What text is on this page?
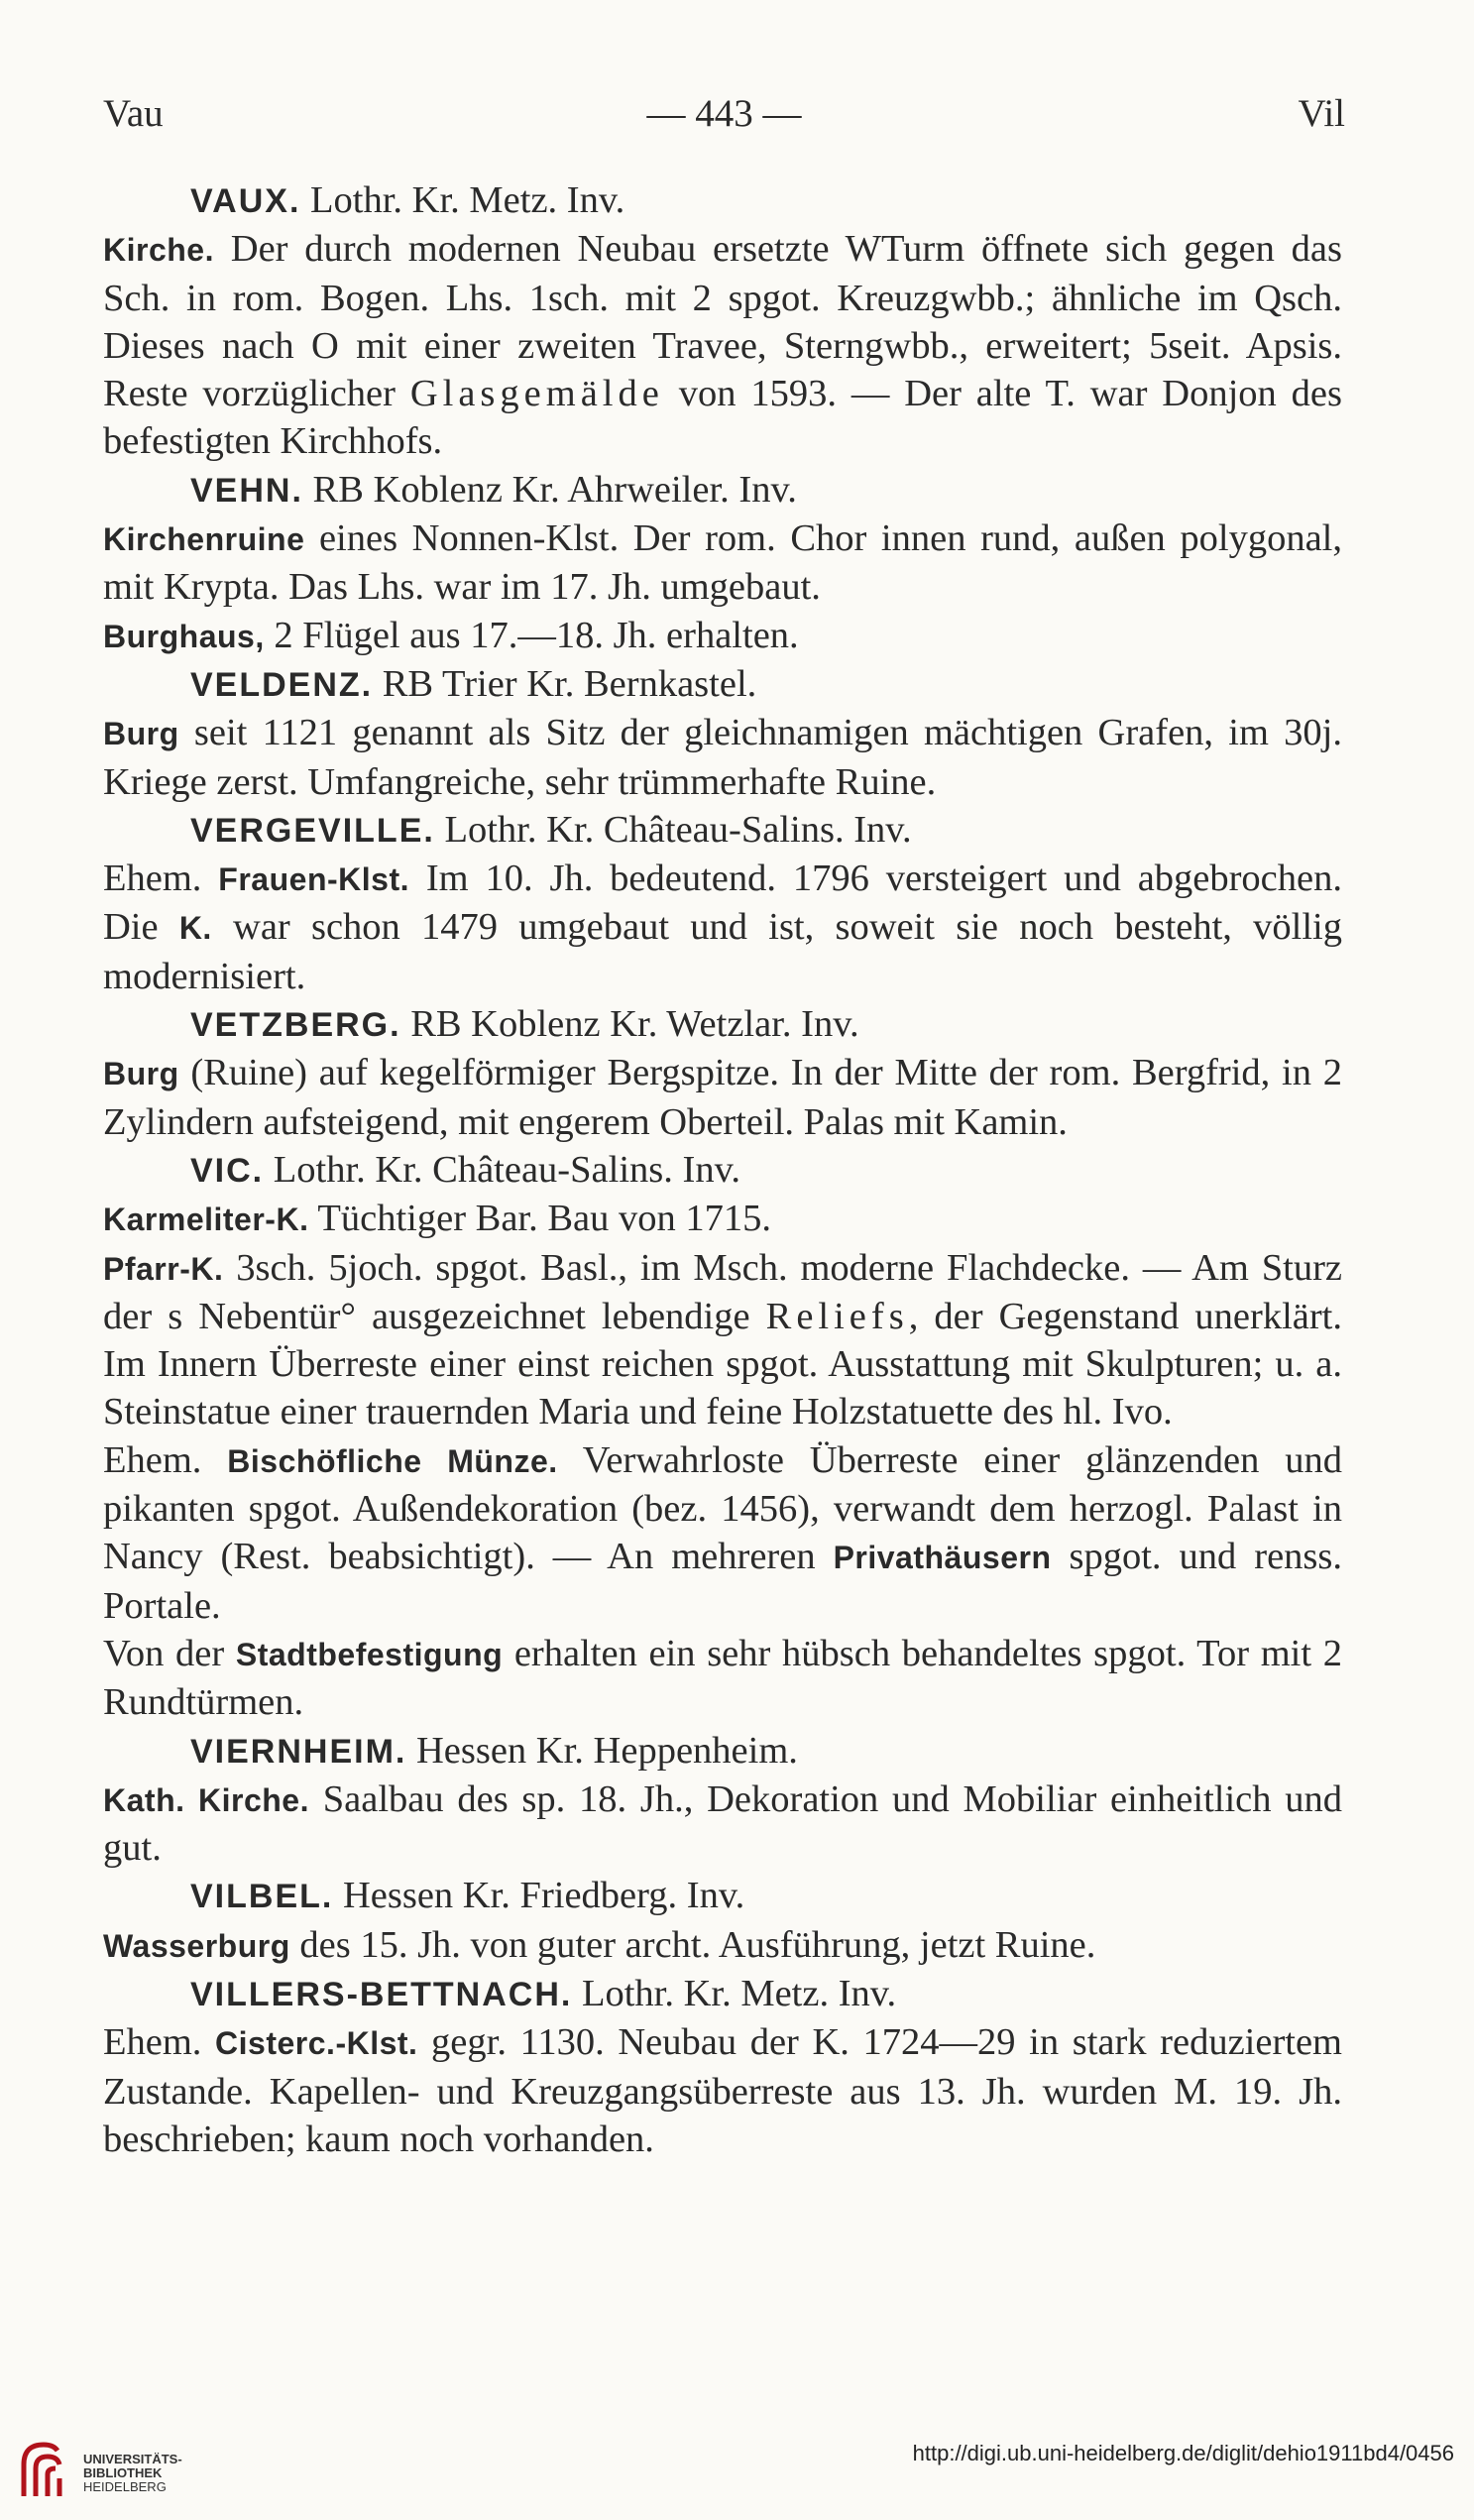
Vau	— 443 —	Vil

VAUX. Lothr. Kr. Metz. Inv.

Kirche. Der durch modernen Neubau ersetzte WTurm öffnete sich gegen das Sch. in rom. Bogen. Lhs. 1sch. mit 2 spgot. Kreuzgwbb.; ähnliche im Qsch. Dieses nach O mit einer zweiten Travee, Sterngwbb., erweitert; 5seit. Apsis. Reste vorzüglicher Glasgemälde von 1593. — Der alte T. war Donjon des befestigten Kirchhofs.

VEHN. RB Koblenz Kr. Ahrweiler. Inv.

Kirchenruine eines Nonnen-Klst. Der rom. Chor innen rund, außen polygonal, mit Krypta. Das Lhs. war im 17. Jh. umgebaut.
Burghaus, 2 Flügel aus 17.—18. Jh. erhalten.

VELDENZ. RB Trier Kr. Bernkastel.

Burg seit 1121 genannt als Sitz der gleichnamigen mächtigen Grafen, im 30j. Kriege zerst. Umfangreiche, sehr trümmerhafte Ruine.

VERGEVILLE. Lothr. Kr. Château-Salins. Inv.

Ehem. Frauen-Klst. Im 10. Jh. bedeutend. 1796 versteigert und abgebrochen. Die K. war schon 1479 umgebaut und ist, soweit sie noch besteht, völlig modernisiert.

VETZBERG. RB Koblenz Kr. Wetzlar. Inv.

Burg (Ruine) auf kegelförmiger Bergspitze. In der Mitte der rom. Bergfrid, in 2 Zylindern aufsteigend, mit engerem Oberteil. Palas mit Kamin.

VIC. Lothr. Kr. Château-Salins. Inv.

Karmeliter-K. Tüchtiger Bar. Bau von 1715.
Pfarr-K. 3sch. 5joch. spgot. Basl., im Msch. moderne Flachdecke. — Am Sturz der s Nebentür° ausgezeichnet lebendige Reliefs, der Gegenstand unerklärt. Im Innern Überreste einer einst reichen spgot. Ausstattung mit Skulpturen; u. a. Steinstatue einer trauernden Maria und feine Holzstatuette des hl. Ivo.
Ehem. Bischöfliche Münze. Verwahrloste Überreste einer glänzenden und pikanten spgot. Außendekoration (bez. 1456), verwandt dem herzogl. Palast in Nancy (Rest. beabsichtigt). — An mehreren Privathäusern spgot. und renss. Portale.
Von der Stadtbefestigung erhalten ein sehr hübsch behandeltes spgot. Tor mit 2 Rundtürmen.

VIERNHEIM. Hessen Kr. Heppenheim.

Kath. Kirche. Saalbau des sp. 18. Jh., Dekoration und Mobiliar einheitlich und gut.

VILBEL. Hessen Kr. Friedberg. Inv.

Wasserburg des 15. Jh. von guter archt. Ausführung, jetzt Ruine.

VILLERS-BETTNACH. Lothr. Kr. Metz. Inv.

Ehem. Cisterc.-Klst. gegr. 1130. Neubau der K. 1724—29 in stark reduziertem Zustande. Kapellen- und Kreuzgangsüberreste aus 13. Jh. wurden M. 19. Jh. beschrieben; kaum noch vorhanden.

UNIVERSITÄTS-
BIBLIOTHEK
HEIDELBERG
http://digi.ub.uni-heidelberg.de/diglit/dehio1911bd4/0456
